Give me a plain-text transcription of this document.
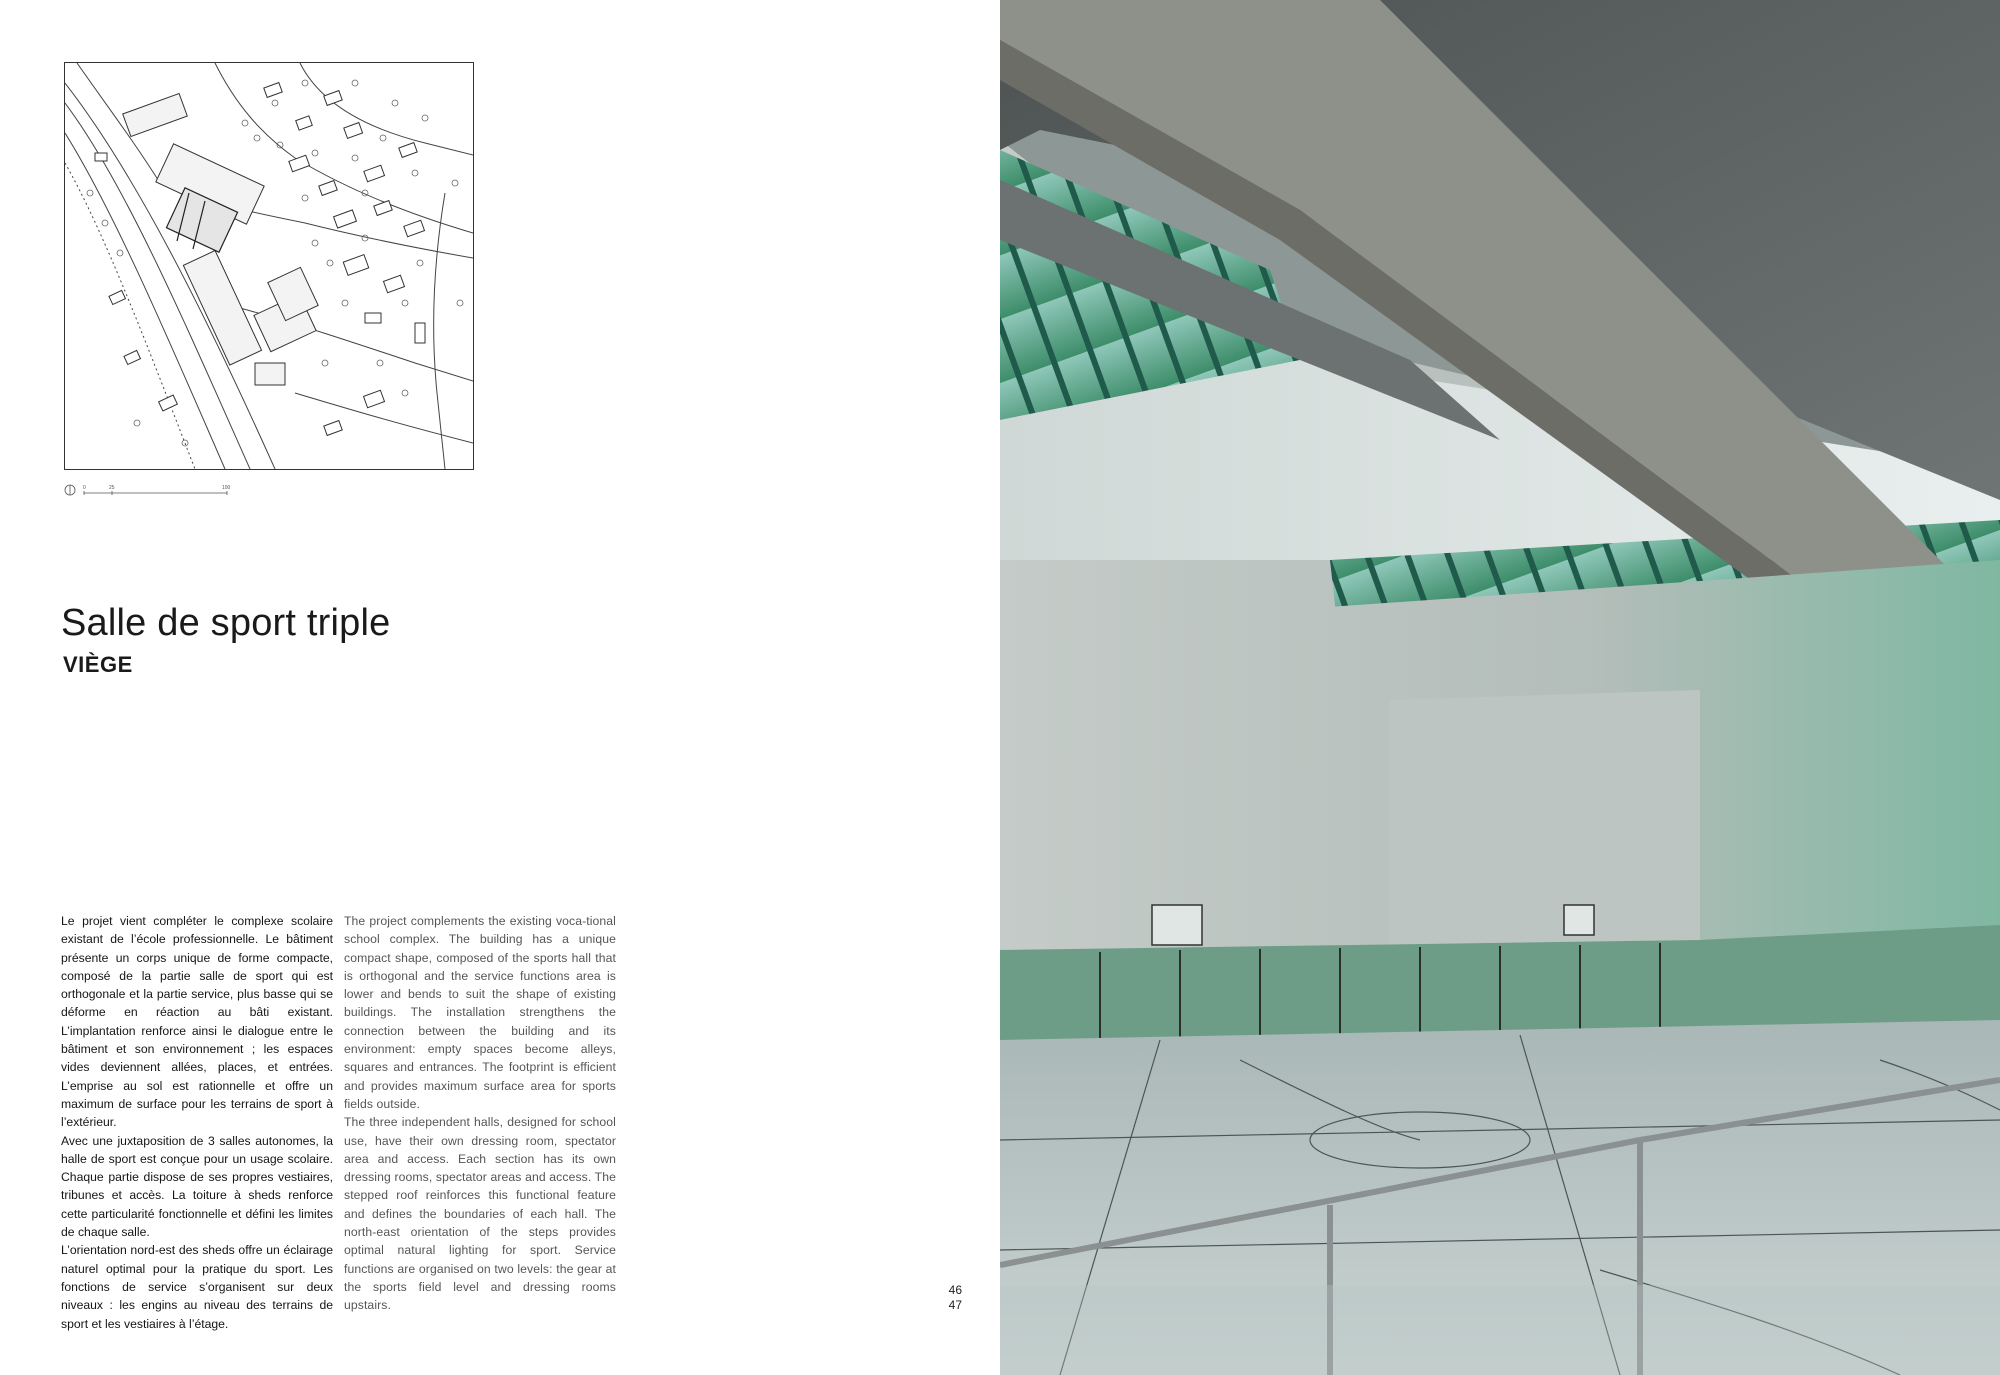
0	25	100
Salle de sport triple
VIÈGE

Le projet vient compléter le complexe scolaire existant de l’école professionnelle. Le bâtiment présente un corps unique de forme compacte, composé de la partie salle de sport qui est orthogonale et la partie service, plus basse qui se déforme en réaction au bâti existant. L’implantation renforce ainsi le dialogue entre le bâtiment et son environnement ; les espaces vides deviennent allées, places, et entrées. L’emprise au sol est rationnelle et offre un maximum de surface pour les terrains de sport à l’extérieur.

Avec une juxtaposition de 3 salles autonomes, la halle de sport est conçue pour un usage scolaire. Chaque partie dispose de ses propres vestiaires, tribunes et accès. La toiture à sheds renforce cette particularité fonctionnelle et défini les limites de chaque salle.

L’orientation nord-est des sheds offre un éclairage naturel optimal pour la pratique du sport. Les fonctions de service s’organisent sur deux niveaux : les engins au niveau des terrains de sport et les vestiaires à l’étage.

The project complements the existing voca-tional school complex. The building has a unique compact shape, composed of the sports hall that is orthogonal and the service functions area is lower and bends to suit the shape of existing buildings. The installation strengthens the connection between the building and its environment: empty spaces become alleys, squares and entrances. The footprint is efficient and provides maximum surface area for sports fields outside.

The three independent halls, designed for school use, have their own dressing room, spectator area and access. Each section has its own dressing rooms, spectator areas and access. The stepped roof reinforces this functional feature and defines the boundaries of each hall. The north-east orientation of the steps provides optimal natural lighting for sport. Service functions are organised on two levels: the gear at the sports field level and dressing rooms upstairs.

46
47
